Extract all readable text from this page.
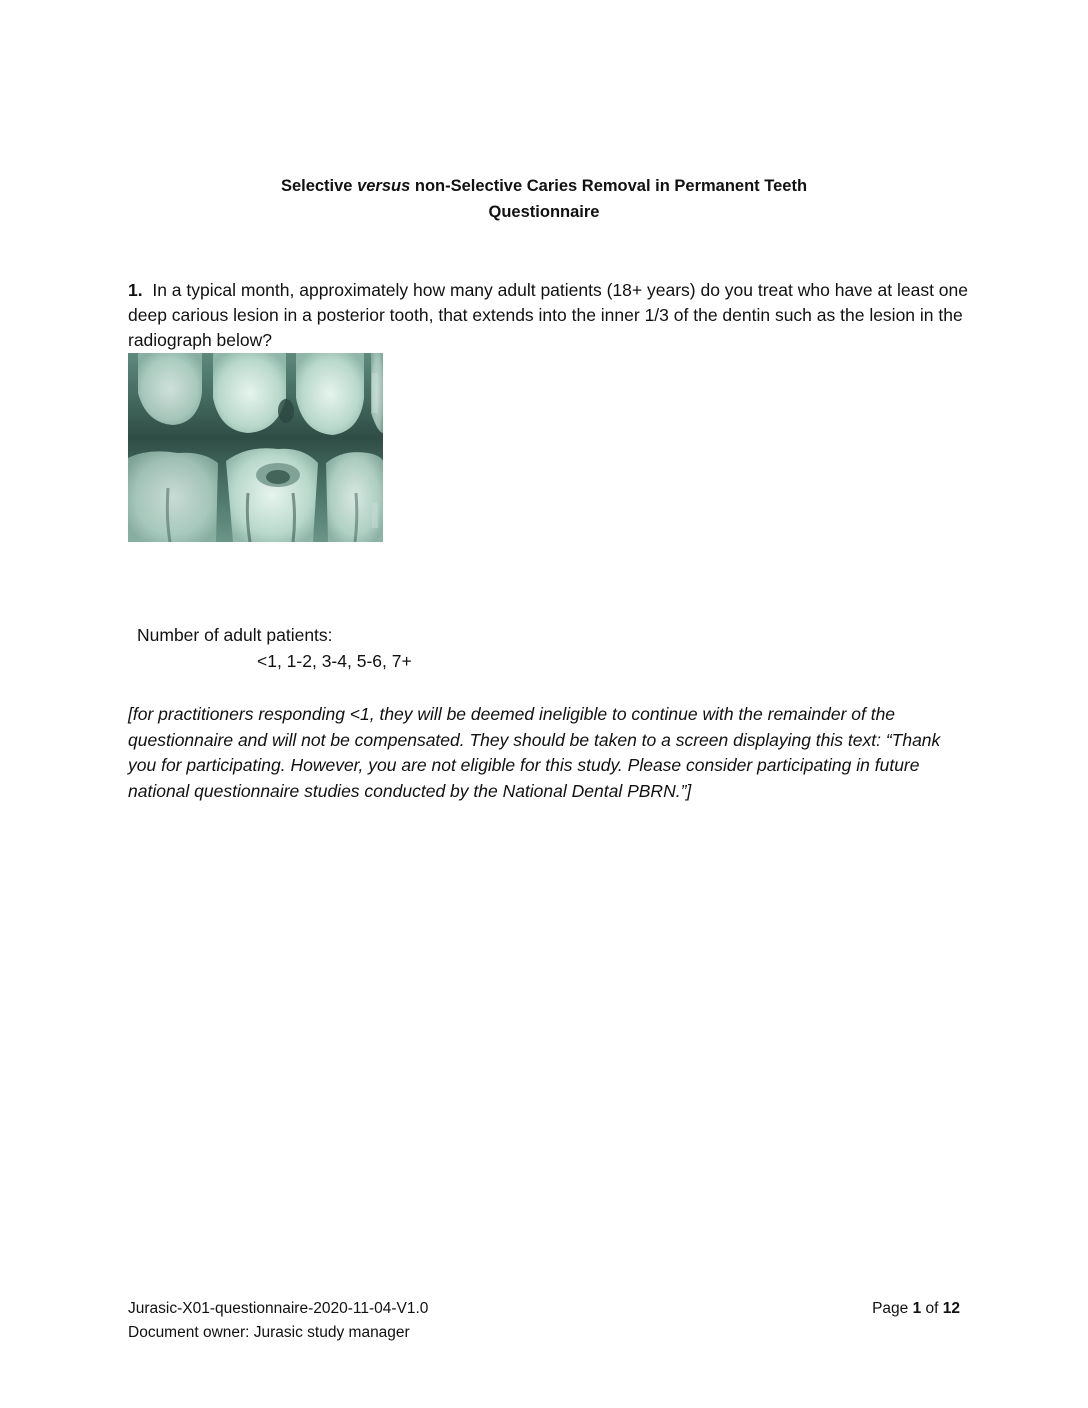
Selective versus non-Selective Caries Removal in Permanent Teeth
Questionnaire
1. In a typical month, approximately how many adult patients (18+ years) do you treat who have at least one deep carious lesion in a posterior tooth, that extends into the inner 1/3 of the dentin such as the lesion in the radiograph below?
Number of adult patients:
<1, 1-2, 3-4, 5-6, 7+
[for practitioners responding <1, they will be deemed ineligible to continue with the remainder of the questionnaire and will not be compensated. They should be taken to a screen displaying this text: “Thank you for participating. However, you are not eligible for this study. Please consider participating in future national questionnaire studies conducted by the National Dental PBRN.”]
Jurasic-X01-questionnaire-2020-11-04-V1.0
Document owner: Jurasic study manager
Page 1 of 12
